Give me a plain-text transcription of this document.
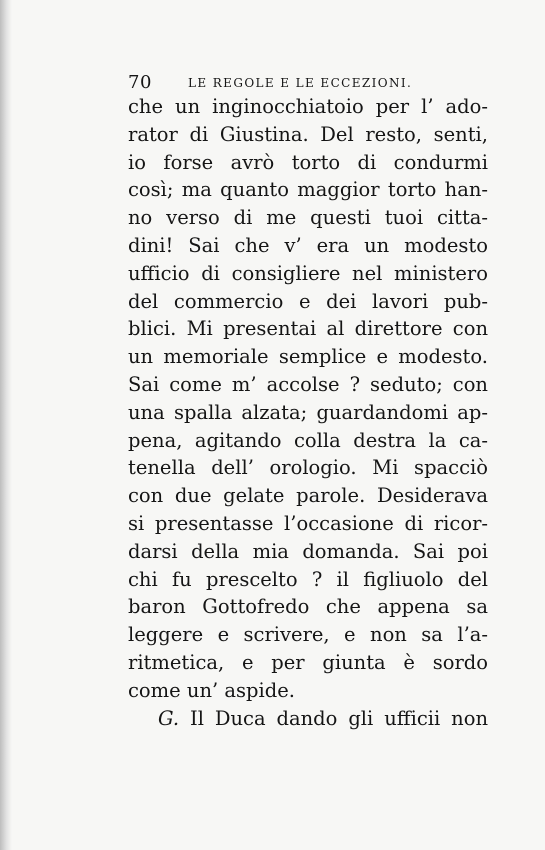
70	LE REGOLE E LE ECCEZIONI.
che un inginocchiatoio per l’ ado-
rator di Giustina. Del resto, senti,
io forse avrò torto di condurmi
così; ma quanto maggior torto han-
no verso di me questi tuoi citta-
dini! Sai che v’ era un modesto
ufficio di consigliere nel ministero
del commercio e dei lavori pub-
blici. Mi presentai al direttore con
un memoriale semplice e modesto.
Sai come m’ accolse ? seduto; con
una spalla alzata; guardandomi ap-
pena, agitando colla destra la ca-
tenella dell’ orologio. Mi spacciò
con due gelate parole. Desiderava
si presentasse l’occasione di ricor-
darsi della mia domanda. Sai poi
chi fu prescelto ? il figliuolo del
baron Gottofredo che appena sa
leggere e scrivere, e non sa l’a-
ritmetica, e per giunta è sordo
come un’ aspide.
G. Il Duca dando gli ufficii non
